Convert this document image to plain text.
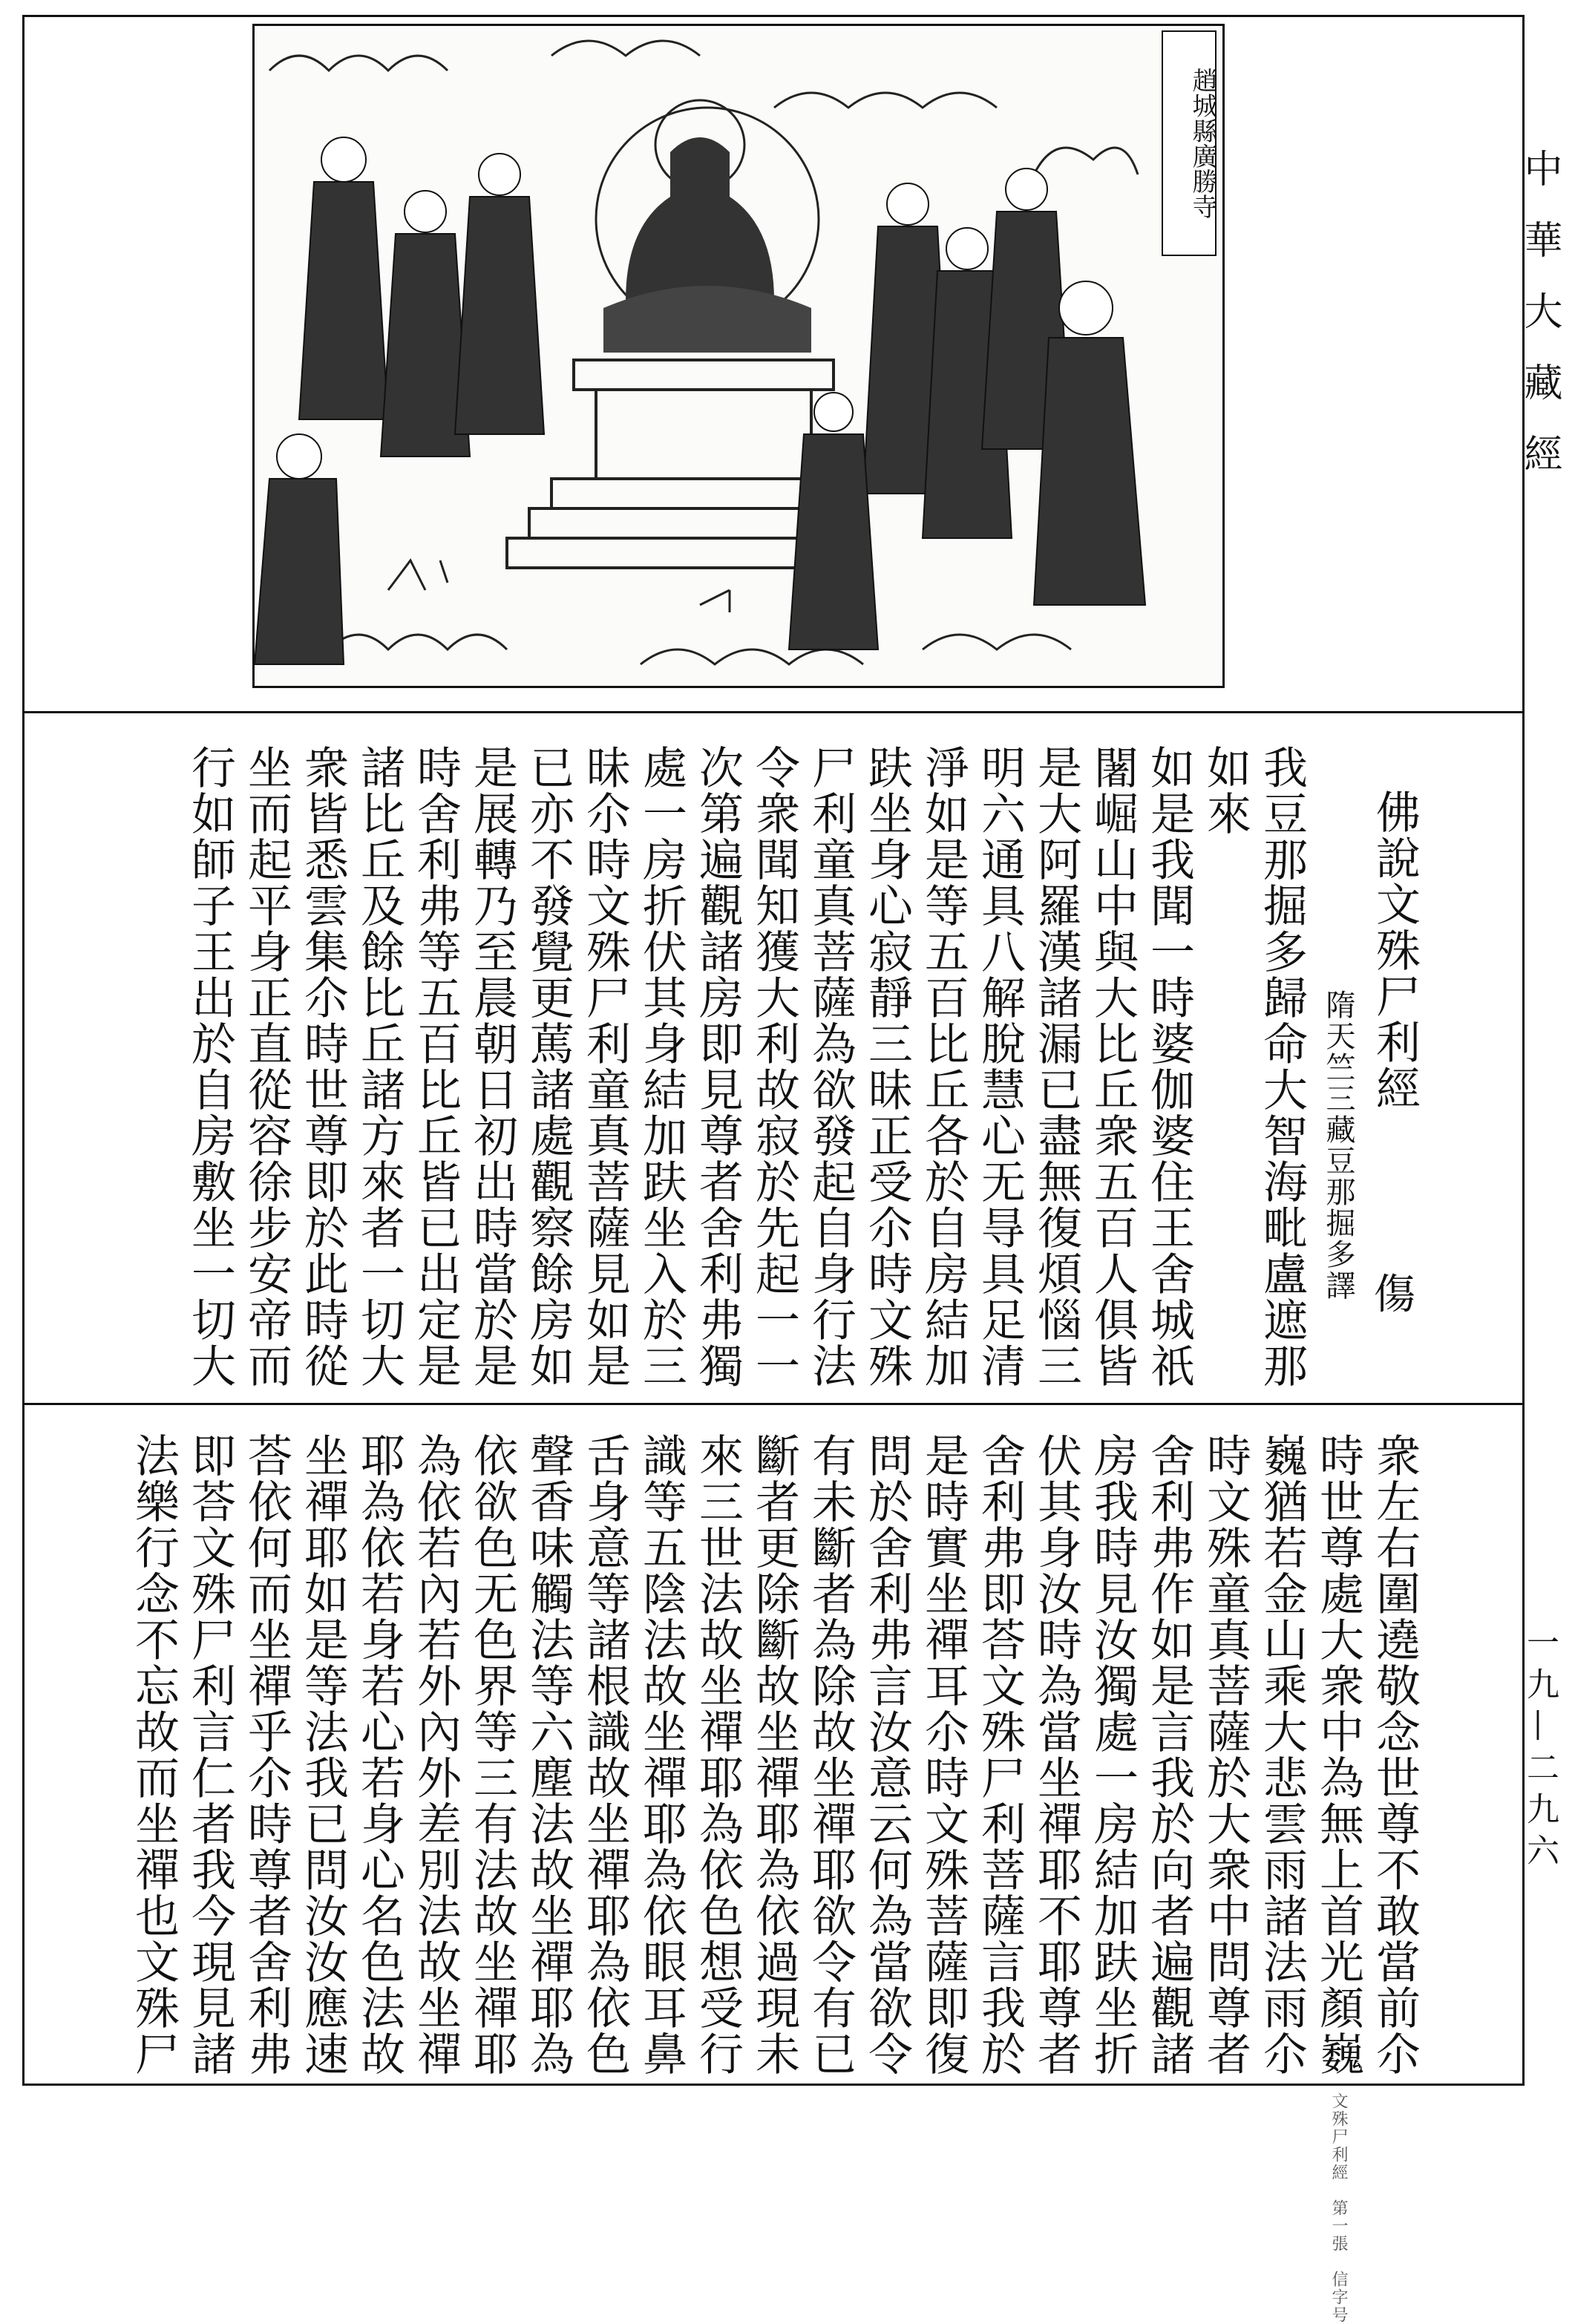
中華大藏經
一九—二九六
趙城縣廣勝寺
佛說文殊尸利經
隋天竺三藏豆那掘多譯
我豆那掘多歸命大智海毗盧遮那
如來
如是我聞一時婆伽婆住王舍城祇
闍崛山中與大比丘衆五百人俱皆
是大阿羅漢諸漏已盡無復煩惱三
明六通具八解脫慧心无㝵具足清
淨如是等五百比丘各於自房結加
趺坐身心寂靜三昧正受尒時文殊
尸利童真菩薩為欲發起自身行法
令衆聞知獲大利故寂於先起一一
次第遍觀諸房即見尊者舍利弗獨
處一房折伏其身結加趺坐入於三
昧尒時文殊尸利童真菩薩見如是
已亦不發覺更䔍諸處觀察餘房如
是展轉乃至晨朝日初出時當於是
時舍利弗等五百比丘皆已出定是
諸比丘及餘比丘諸方來者一切大
衆皆悉雲集尒時世尊即於此時從
坐而起平身正直從容徐步安帝而
行如師子王出於自房敷坐一切大	傷
衆左右圍遶敬念世尊不敢當前尒
時世尊處大衆中為無上首光顏巍 文殊尸利經　第一張　信字号
巍猶若金山乘大悲雲雨諸法雨尒
時文殊童真菩薩於大衆中問尊者
舍利弗作如是言我於向者遍觀諸
房我時見汝獨處一房結加趺坐折
伏其身汝時為當坐禪耶不耶尊者
舍利弗即荅文殊尸利菩薩言我於
是時實坐禪耳尒時文殊菩薩即復
問於舍利弗言汝意云何為當欲令
有未斷者為除故坐禪耶欲令有已
斷者更除斷故坐禪耶為依過現未
來三世法故坐禪耶為依色想受行
識等五陰法故坐禪耶為依眼耳鼻
舌身意等諸根識故坐禪耶為依色
聲香味觸法等六塵法故坐禪耶為
依欲色无色界等三有法故坐禪耶
為依若內若外內外差別法故坐禪
耶為依若身若心若身心名色法故
坐禪耶如是等法我已問汝汝應速
荅依何而坐禪乎尒時尊者舍利弗
即荅文殊尸利言仁者我今現見諸
法樂行念不忘故而坐禪也文殊尸
